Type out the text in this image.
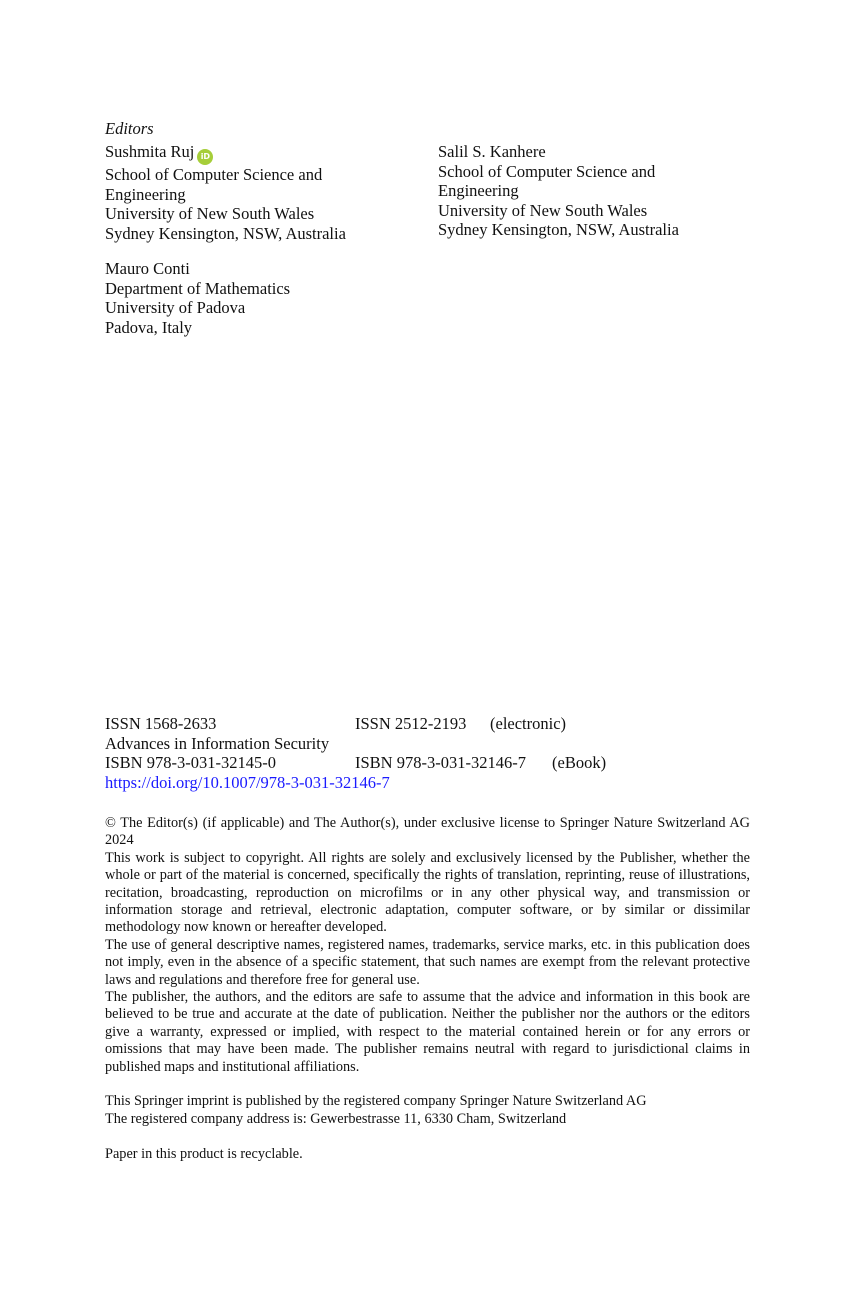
Editors
Sushmita Ruj iD
School of Computer Science and
Engineering
University of New South Wales
Sydney Kensington, NSW, Australia
Salil S. Kanhere
School of Computer Science and
Engineering
University of New South Wales
Sydney Kensington, NSW, Australia
Mauro Conti
Department of Mathematics
University of Padova
Padova, Italy
ISSN 1568-2633	ISSN 2512-2193 (electronic)
Advances in Information Security
ISBN 978-3-031-32145-0	ISBN 978-3-031-32146-7 (eBook)
https://doi.org/10.1007/978-3-031-32146-7

© The Editor(s) (if applicable) and The Author(s), under exclusive license to Springer Nature Switzerland AG 2024

This work is subject to copyright. All rights are solely and exclusively licensed by the Publisher, whether the whole or part of the material is concerned, specifically the rights of translation, reprinting, reuse of illustrations, recitation, broadcasting, reproduction on microfilms or in any other physical way, and transmission or information storage and retrieval, electronic adaptation, computer software, or by similar or dissimilar methodology now known or hereafter developed.

The use of general descriptive names, registered names, trademarks, service marks, etc. in this publication does not imply, even in the absence of a specific statement, that such names are exempt from the relevant protective laws and regulations and therefore free for general use.

The publisher, the authors, and the editors are safe to assume that the advice and information in this book are believed to be true and accurate at the date of publication. Neither the publisher nor the authors or the editors give a warranty, expressed or implied, with respect to the material contained herein or for any errors or omissions that may have been made. The publisher remains neutral with regard to jurisdictional claims in published maps and institutional affiliations.

This Springer imprint is published by the registered company Springer Nature Switzerland AG

The registered company address is: Gewerbestrasse 11, 6330 Cham, Switzerland

Paper in this product is recyclable.
